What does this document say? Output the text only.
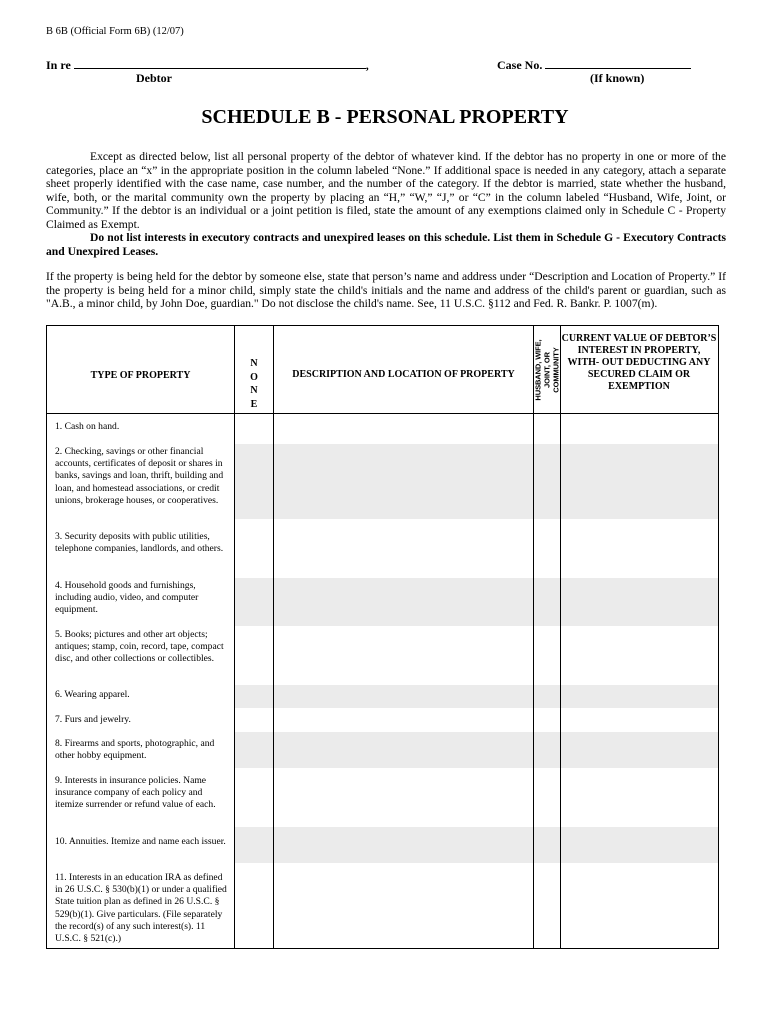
B 6B (Official Form 6B) (12/07)
In re	,
Debtor
Case No.
(If known)
SCHEDULE B - PERSONAL PROPERTY
Except as directed below, list all personal property of the debtor of whatever kind. If the debtor has no property in one or more of the categories, place an “x” in the appropriate position in the column labeled “None.” If additional space is needed in any category, attach a separate sheet properly identified with the case name, case number, and the number of the category. If the debtor is married, state whether the husband, wife, both, or the marital community own the property by placing an “H,” “W,” “J,” or “C” in the column labeled “Husband, Wife, Joint, or Community.” If the debtor is an individual or a joint petition is filed, state the amount of any exemptions claimed only in Schedule C - Property Claimed as Exempt.
Do not list interests in executory contracts and unexpired leases on this schedule. List them in Schedule G - Executory Contracts and Unexpired Leases.
If the property is being held for the debtor by someone else, state that person’s name and address under “Description and Location of Property.” If the property is being held for a minor child, simply state the child's initials and the name and address of the child's parent or guardian, such as "A.B., a minor child, by John Doe, guardian." Do not disclose the child's name. See, 11 U.S.C. §112 and Fed. R. Bankr. P. 1007(m).
TYPE OF PROPERTY
N
O
N
E
DESCRIPTION AND LOCATION OF PROPERTY	HUSBAND, WIFE, JOINT, OR COMMUNITY
CURRENT VALUE OF DEBTOR’S INTEREST IN PROPERTY, WITH- OUT DEDUCTING ANY SECURED CLAIM OR EXEMPTION
1. Cash on hand.
2. Checking, savings or other financial accounts, certificates of deposit or shares in banks, savings and loan, thrift, building and loan, and homestead associations, or credit unions, brokerage houses, or cooperatives.
3. Security deposits with public utilities, telephone companies, landlords, and others.
4. Household goods and furnishings, including audio, video, and computer equipment.
5. Books; pictures and other art objects; antiques; stamp, coin, record, tape, compact disc, and other collections or collectibles.
6. Wearing apparel.
7. Furs and jewelry.
8. Firearms and sports, photographic, and other hobby equipment.
9. Interests in insurance policies. Name insurance company of each policy and itemize surrender or refund value of each.
10. Annuities. Itemize and name each issuer.
11. Interests in an education IRA as defined in 26 U.S.C. § 530(b)(1) or under a qualified State tuition plan as defined in 26 U.S.C. § 529(b)(1). Give particulars. (File separately the record(s) of any such interest(s). 11 U.S.C. § 521(c).)
